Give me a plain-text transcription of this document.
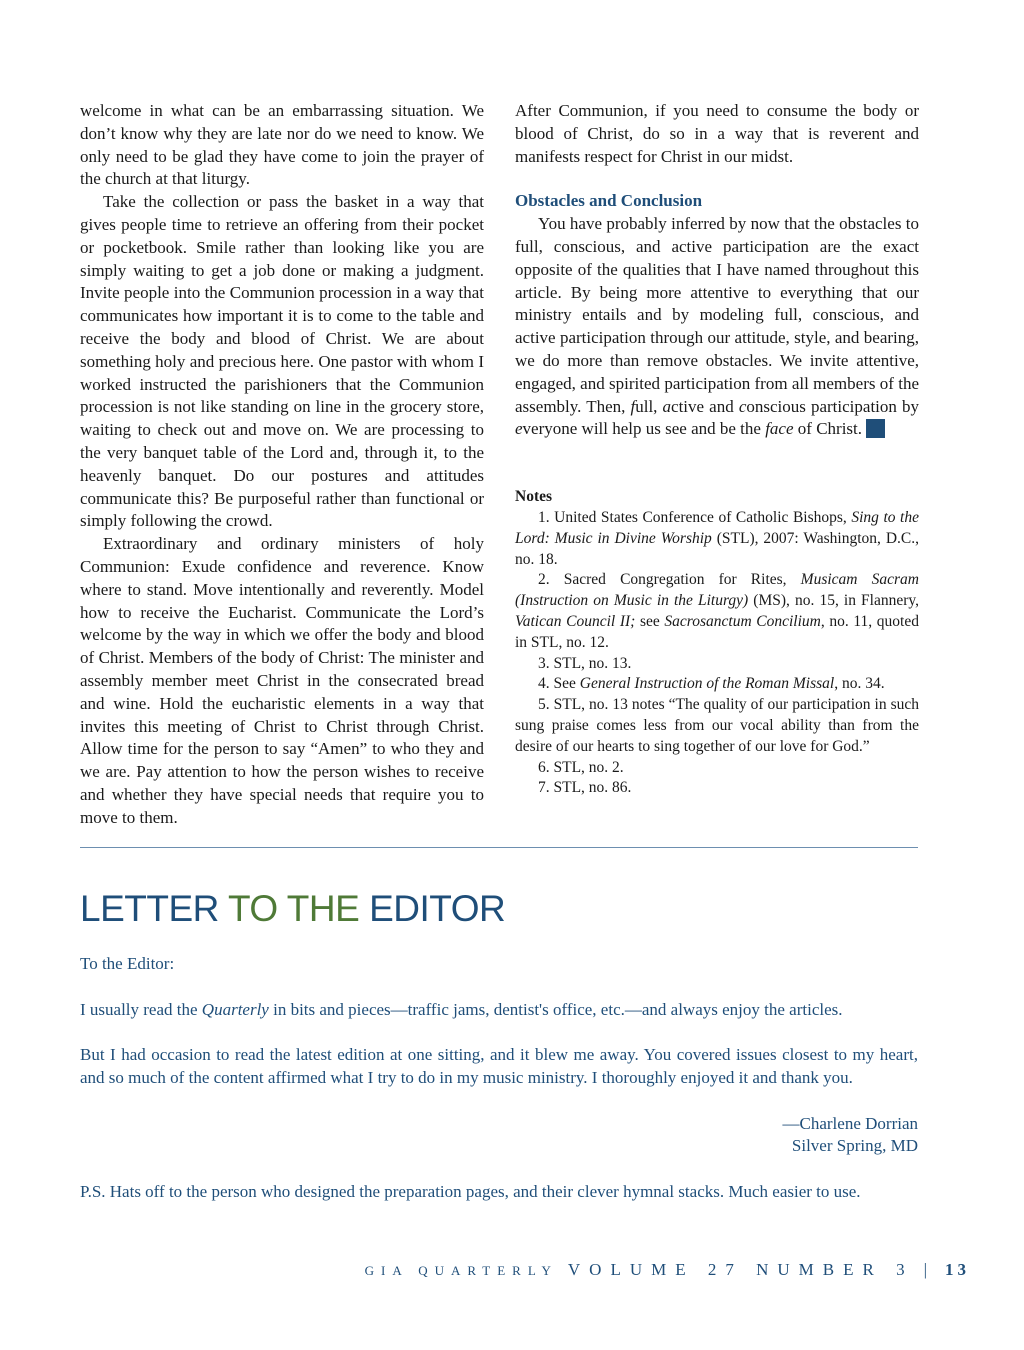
welcome in what can be an embarrassing situation. We don’t know why they are late nor do we need to know. We only need to be glad they have come to join the prayer of the church at that liturgy.

Take the collection or pass the basket in a way that gives people time to retrieve an offering from their pocket or pocketbook. Smile rather than looking like you are simply waiting to get a job done or making a judgment. Invite people into the Communion procession in a way that communicates how important it is to come to the table and receive the body and blood of Christ. We are about something holy and precious here. One pastor with whom I worked instructed the parishioners that the Communion procession is not like standing on line in the grocery store, waiting to check out and move on. We are processing to the very banquet table of the Lord and, through it, to the heavenly banquet. Do our postures and attitudes communicate this? Be purposeful rather than functional or simply following the crowd.

Extraordinary and ordinary ministers of holy Communion: Exude confidence and reverence. Know where to stand. Move intentionally and reverently. Model how to receive the Eucharist. Communicate the Lord’s welcome by the way in which we offer the body and blood of Christ. Members of the body of Christ: The minister and assembly member meet Christ in the consecrated bread and wine. Hold the eucharistic elements in a way that invites this meeting of Christ to Christ through Christ. Allow time for the person to say “Amen” to who they and we are. Pay attention to how the person wishes to receive and whether they have special needs that require you to move to them.

After Communion, if you need to consume the body or blood of Christ, do so in a way that is reverent and manifests respect for Christ in our midst.

Obstacles and Conclusion

You have probably inferred by now that the obstacles to full, conscious, and active participation are the exact opposite of the qualities that I have named throughout this article. By being more attentive to everything that our ministry entails and by modeling full, conscious, and active participation through our attitude, style, and bearing, we do more than remove obstacles. We invite attentive, engaged, and spirited participation from all members of the assembly. Then, full, active and conscious participation by everyone will help us see and be the face of Christ.

Notes

1. United States Conference of Catholic Bishops, Sing to the Lord: Music in Divine Worship (STL), 2007: Washington, D.C., no. 18.

2. Sacred Congregation for Rites, Musicam Sacram (Instruction on Music in the Liturgy) (MS), no. 15, in Flannery, Vatican Council II; see Sacrosanctum Concilium, no. 11, quoted in STL, no. 12.

3. STL, no. 13.

4. See General Instruction of the Roman Missal, no. 34.

5. STL, no. 13 notes “The quality of our participation in such sung praise comes less from our vocal ability than from the desire of our hearts to sing together of our love for God.”

6. STL, no. 2.

7. STL, no. 86.

LETTER TO THE EDITOR

To the Editor:

I usually read the Quarterly in bits and pieces—traffic jams, dentist's office, etc.—and always enjoy the articles.

But I had occasion to read the latest edition at one sitting, and it blew me away. You covered issues closest to my heart, and so much of the content affirmed what I try to do in my music ministry. I thoroughly enjoyed it and thank you.

—Charlene Dorrian

Silver Spring, MD

P.S. Hats off to the person who designed the preparation pages, and their clever hymnal stacks. Much easier to use.

GIA QUARTERLY VOLUME 27 NUMBER 3 | 13
